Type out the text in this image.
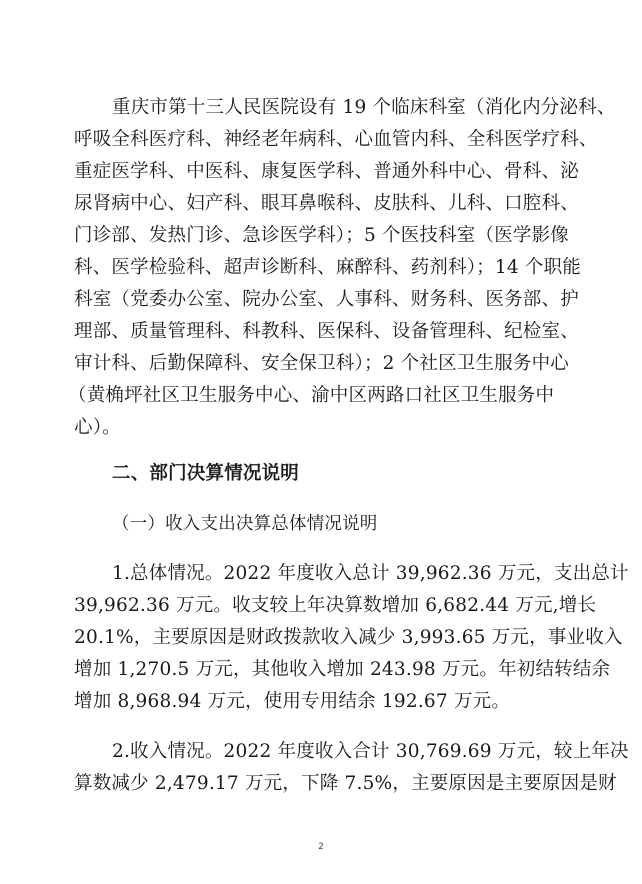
重庆市第十三人民医院设有 19 个临床科室（消化内分泌科、
呼吸全科医疗科、神经老年病科、心血管内科、全科医学疗科、
重症医学科、中医科、康复医学科、普通外科中心、骨科、泌
尿肾病中心、妇产科、眼耳鼻喉科、皮肤科、儿科、口腔科、
门诊部、发热门诊、急诊医学科）；5 个医技科室（医学影像
科、医学检验科、超声诊断科、麻醉科、药剂科）；14 个职能
科室（党委办公室、院办公室、人事科、财务科、医务部、护
理部、质量管理科、科教科、医保科、设备管理科、纪检室、
审计科、后勤保障科、安全保卫科）；2 个社区卫生服务中心
（黄桷坪社区卫生服务中心、渝中区两路口社区卫生服务中
心）。
二、部门决算情况说明
（一）收入支出决算总体情况说明
1.总体情况。2022 年度收入总计 39,962.36 万元，支出总计
39,962.36 万元。收支较上年决算数增加 6,682.44 万元,增长
20.1%，主要原因是财政拨款收入减少 3,993.65 万元，事业收入
增加 1,270.5 万元，其他收入增加 243.98 万元。年初结转结余
增加 8,968.94 万元，使用专用结余 192.67 万元。
2.收入情况。2022 年度收入合计 30,769.69 万元，较上年决
算数减少 2,479.17 万元，下降 7.5%，主要原因是主要原因是财
2
